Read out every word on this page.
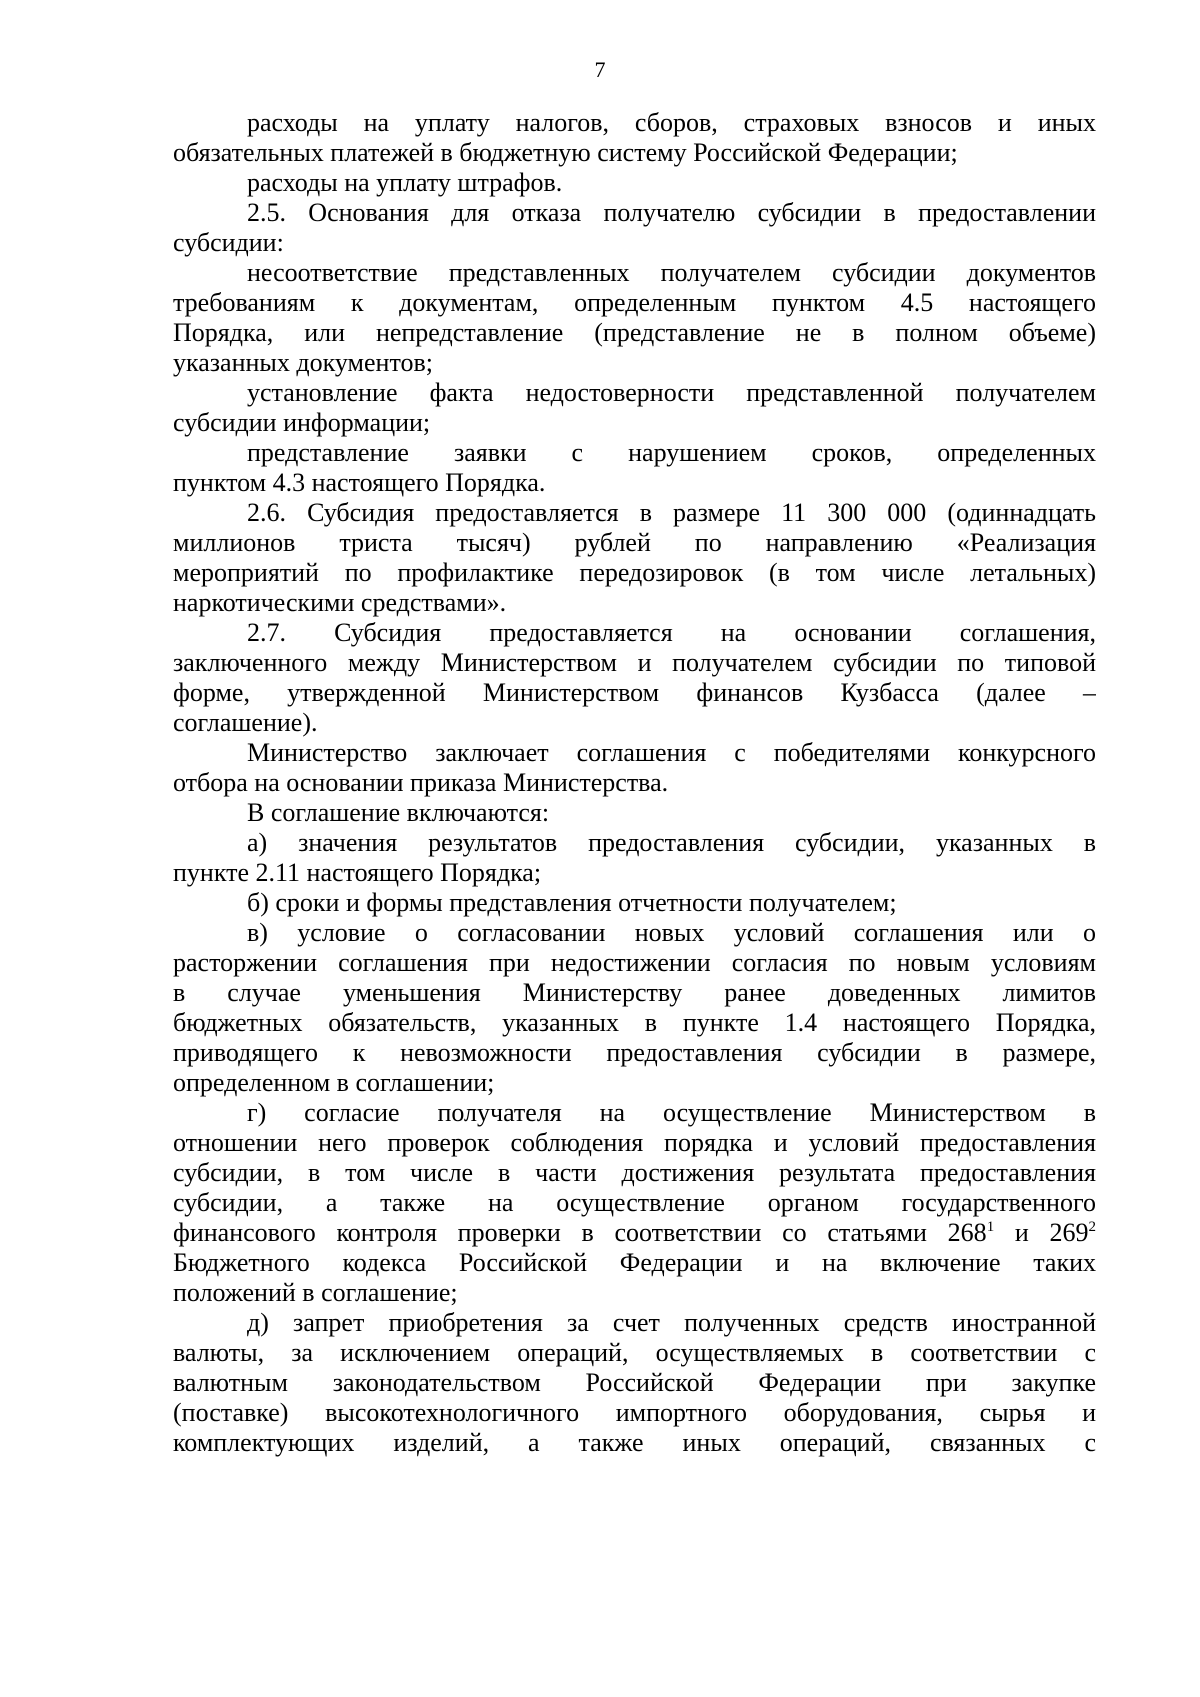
7
расходы на уплату налогов, сборов, страховых взносов и иных
обязательных платежей в бюджетную систему Российской Федерации;
расходы на уплату штрафов.
2.5. Основания для отказа получателю субсидии в предоставлении
субсидии:
несоответствие представленных получателем субсидии документов
требованиям к документам, определенным пунктом 4.5 настоящего
Порядка, или непредставление (представление не в полном объеме)
указанных документов;
установление факта недостоверности представленной получателем
субсидии информации;
представление заявки с нарушением сроков, определенных
пунктом 4.3 настоящего Порядка.
2.6. Субсидия предоставляется в размере 11 300 000 (одиннадцать
миллионов триста тысяч) рублей по направлению «Реализация
мероприятий по профилактике передозировок (в том числе летальных)
наркотическими средствами».
2.7. Субсидия предоставляется на основании соглашения,
заключенного между Министерством и получателем субсидии по типовой
форме, утвержденной Министерством финансов Кузбасса (далее –
соглашение).
Министерство заключает соглашения с победителями конкурсного
отбора на основании приказа Министерства.
В соглашение включаются:
а) значения результатов предоставления субсидии, указанных в
пункте 2.11 настоящего Порядка;
б) сроки и формы представления отчетности получателем;
в) условие о согласовании новых условий соглашения или о
расторжении соглашения при недостижении согласия по новым условиям
в случае уменьшения Министерству ранее доведенных лимитов
бюджетных обязательств, указанных в пункте 1.4 настоящего Порядка,
приводящего к невозможности предоставления субсидии в размере,
определенном в соглашении;
г) согласие получателя на осуществление Министерством в
отношении него проверок соблюдения порядка и условий предоставления
субсидии, в том числе в части достижения результата предоставления
субсидии, а также на осуществление органом государственного
финансового контроля проверки в соответствии со статьями $268^1$ и $269^2$
Бюджетного кодекса Российской Федерации и на включение таких
положений в соглашение;
д) запрет приобретения за счет полученных средств иностранной
валюты, за исключением операций, осуществляемых в соответствии с
валютным законодательством Российской Федерации при закупке
(поставке) высокотехнологичного импортного оборудования, сырья и
комплектующих изделий, а также иных операций, связанных с
